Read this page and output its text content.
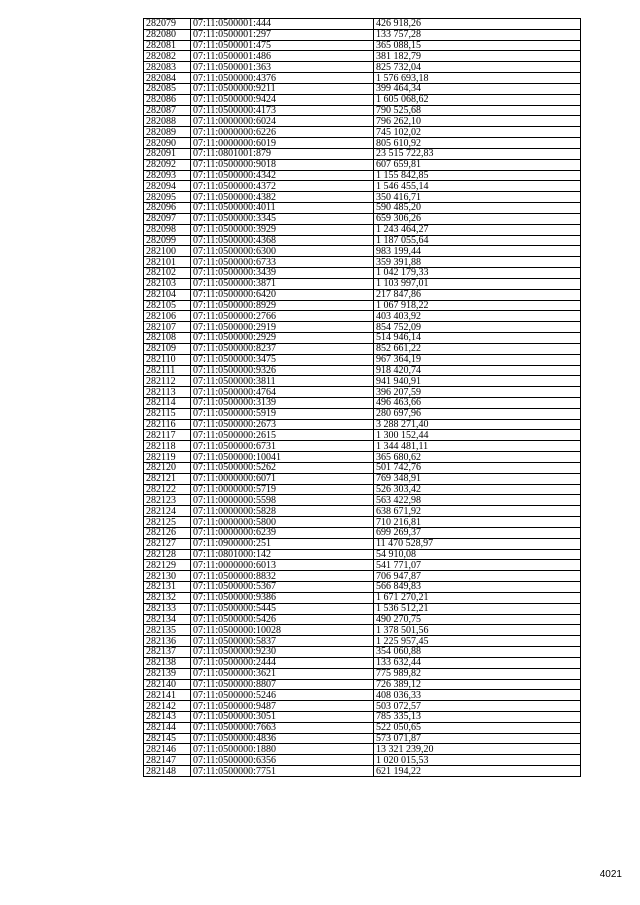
282079	07:11:0500001:444	426 918,26
282080	07:11:0500001:297	133 757,28
282081	07:11:0500001:475	365 088,15
282082	07:11:0500001:486	381 182,79
282083	07:11:0500001:363	825 732,04
282084	07:11:0500000:4376	1 576 693,18
282085	07:11:0500000:9211	399 464,34
282086	07:11:0500000:9424	1 605 068,62
282087	07:11:0500000:4173	790 525,68
282088	07:11:0000000:6024	796 262,10
282089	07:11:0000000:6226	745 102,02
282090	07:11:0000000:6019	805 610,92
282091	07:11:0801001:879	23 515 722,83
282092	07:11:0500000:9018	607 659,81
282093	07:11:0500000:4342	1 155 842,85
282094	07:11:0500000:4372	1 546 455,14
282095	07:11:0500000:4382	350 416,71
282096	07:11:0500000:4011	590 485,20
282097	07:11:0500000:3345	659 306,26
282098	07:11:0500000:3929	1 243 464,27
282099	07:11:0500000:4368	1 187 055,64
282100	07:11:0500000:6300	983 199,44
282101	07:11:0500000:6733	359 391,88
282102	07:11:0500000:3439	1 042 179,33
282103	07:11:0500000:3871	1 103 997,01
282104	07:11:0500000:6420	217 847,86
282105	07:11:0500000:8929	1 067 918,22
282106	07:11:0500000:2766	403 403,92
282107	07:11:0500000:2919	854 752,09
282108	07:11:0500000:2929	514 946,14
282109	07:11:0500000:8237	852 661,22
282110	07:11:0500000:3475	967 364,19
282111	07:11:0500000:9326	918 420,74
282112	07:11:0500000:3811	941 940,91
282113	07:11:0500000:4764	396 207,59
282114	07:11:0500000:3139	496 463,66
282115	07:11:0500000:5919	280 697,96
282116	07:11:0500000:2673	3 288 271,40
282117	07:11:0500000:2615	1 300 152,44
282118	07:11:0500000:6731	1 344 481,11
282119	07:11:0500000:10041	365 680,62
282120	07:11:0500000:5262	501 742,76
282121	07:11:0000000:6071	769 348,91
282122	07:11:0000000:5719	526 303,42
282123	07:11:0000000:5598	563 422,98
282124	07:11:0000000:5828	638 671,92
282125	07:11:0000000:5800	710 216,81
282126	07:11:0000000:6239	699 269,37
282127	07:11:0900000:251	11 470 528,97
282128	07:11:0801000:142	54 910,08
282129	07:11:0000000:6013	541 771,07
282130	07:11:0500000:8832	706 947,87
282131	07:11:0500000:5367	566 849,83
282132	07:11:0500000:9386	1 671 270,21
282133	07:11:0500000:5445	1 536 512,21
282134	07:11:0500000:5426	490 270,75
282135	07:11:0500000:10028	1 378 501,56
282136	07:11:0500000:5837	1 225 957,45
282137	07:11:0500000:9230	354 060,88
282138	07:11:0500000:2444	133 632,44
282139	07:11:0500000:3621	775 989,82
282140	07:11:0500000:8807	726 389,12
282141	07:11:0500000:5246	408 036,33
282142	07:11:0500000:9487	503 072,57
282143	07:11:0500000:3051	785 335,13
282144	07:11:0500000:7663	522 050,65
282145	07:11:0500000:4836	573 071,87
282146	07:11:0500000:1880	13 321 239,20
282147	07:11:0500000:6356	1 020 015,53
282148	07:11:0500000:7751	621 194,22
4021
